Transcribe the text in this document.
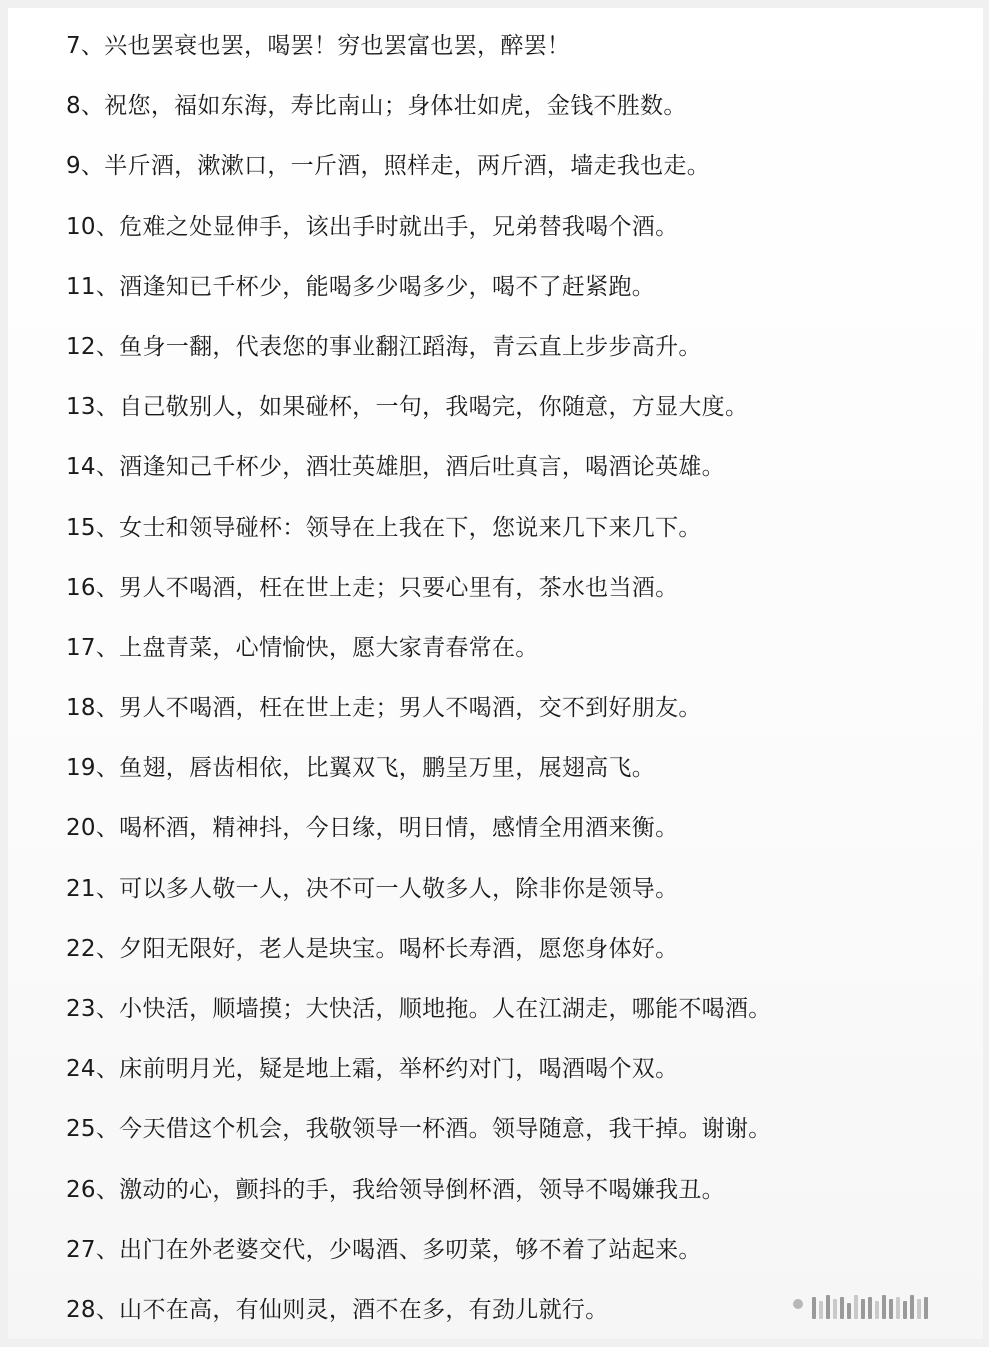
7、兴也罢衰也罢，喝罢！穷也罢富也罢，醉罢！
8、祝您，福如东海，寿比南山；身体壮如虎，金钱不胜数。
9、半斤酒，漱漱口，一斤酒，照样走，两斤酒，墙走我也走。
10、危难之处显伸手，该出手时就出手，兄弟替我喝个酒。
11、酒逢知已千杯少，能喝多少喝多少，喝不了赶紧跑。
12、鱼身一翻，代表您的事业翻江蹈海，青云直上步步高升。
13、自己敬别人，如果碰杯，一句，我喝完，你随意，方显大度。
14、酒逢知己千杯少，酒壮英雄胆，酒后吐真言，喝酒论英雄。
15、女士和领导碰杯：领导在上我在下，您说来几下来几下。
16、男人不喝酒，枉在世上走；只要心里有，茶水也当酒。
17、上盘青菜，心情愉快，愿大家青春常在。
18、男人不喝酒，枉在世上走；男人不喝酒，交不到好朋友。
19、鱼翅，唇齿相依，比翼双飞，鹏呈万里，展翅高飞。
20、喝杯酒，精神抖，今日缘，明日情，感情全用酒来衡。
21、可以多人敬一人，决不可一人敬多人，除非你是领导。
22、夕阳无限好，老人是块宝。喝杯长寿酒，愿您身体好。
23、小快活，顺墙摸；大快活，顺地拖。人在江湖走，哪能不喝酒。
24、床前明月光，疑是地上霜，举杯约对门，喝酒喝个双。
25、今天借这个机会，我敬领导一杯酒。领导随意，我干掉。谢谢。
26、激动的心，颤抖的手，我给领导倒杯酒，领导不喝嫌我丑。
27、出门在外老婆交代，少喝酒、多叨菜，够不着了站起来。
28、山不在高，有仙则灵，酒不在多，有劲儿就行。
